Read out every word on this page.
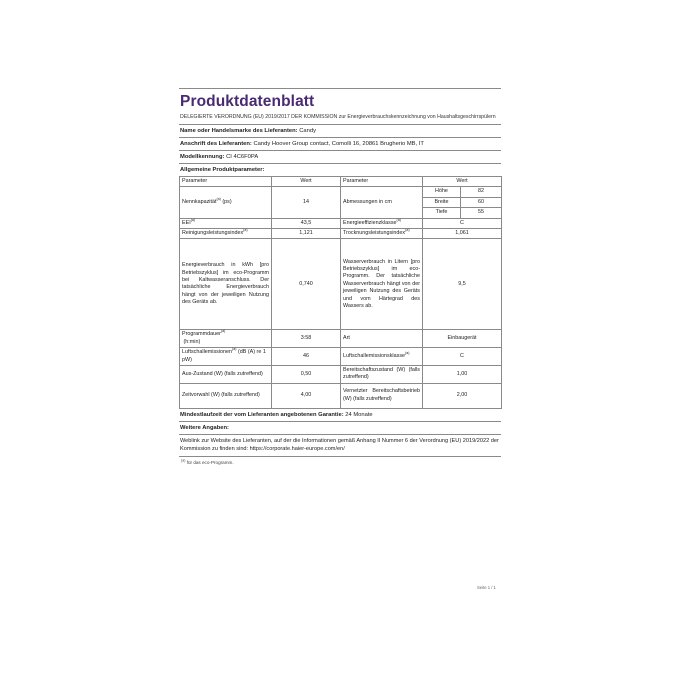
Produktdatenblatt
DELEGIERTE VERORDNUNG (EU) 2019/2017 DER KOMMISSION zur Energieverbrauchskennzeichnung von Haushaltsgeschirrspülern
Name oder Handelsmarke des Lieferanten: Candy
Anschrift des Lieferanten: Candy Hoover Group contact, Comolli 16, 20861 Brugherio MB, IT
Modellkennung: CI 4C6F0PA
Allgemeine Produktparameter:
Parameter	Wert	Parameter	Wert	
Nennkapazität$^{(a)}$ (ps)	14	Abmessungen in cm	Höhe	82
			Breite	60
			Tiefe	55
EEI$^{(a)}$	43,5	Energieeffizienzklasse$^{(a)}$	C	
Reinigungsleistungsindex$^{(a)}$	1,121	Trocknungsleistungsindex$^{(a)}$	1,061	
Energieverbrauch in kWh [pro Betriebszyklus] im eco-Programm bei Kaltwasseranschluss. Der tatsächliche Energieverbrauch hängt von der jeweiligen Nutzung des Geräts ab.	0,740	Wasserverbrauch in Litern [pro Betriebszyklus] im eco-Programm. Der tatsächliche Wasserverbrauch hängt von der jeweiligen Nutzung des Geräts und vom Härtegrad des Wassers ab.	9,5	
Programmdauer$^{(a)}$
(h:min)	3:58	Art	Einbaugerät	
Luftschallemissionen$^{(a)}$ (dB (A) re 1 pW)	46	Luftschallemissionsklasse$^{(a)}$	C	
Aus-Zustand (W) (falls zutreffend)	0,50	Bereitschaftszustand (W) (falls zutreffend)	1,00	
Zeitvorwahl (W) (falls zutreffend)	4,00	Vernetzter Bereitschaftsbetrieb (W) (falls zutreffend)	2,00	
Mindestlaufzeit der vom Lieferanten angebotenen Garantie: 24 Monate
Weitere Angaben:
Weblink zur Website des Lieferanten, auf der die Informationen gemäß Anhang II Nummer 6 der Verordnung (EU) 2019/2022 der Kommission zu finden sind: https://corporate.haier-europe.com/en/
$^{(a)}$ für das eco-Programm.
Seite 1 / 1
